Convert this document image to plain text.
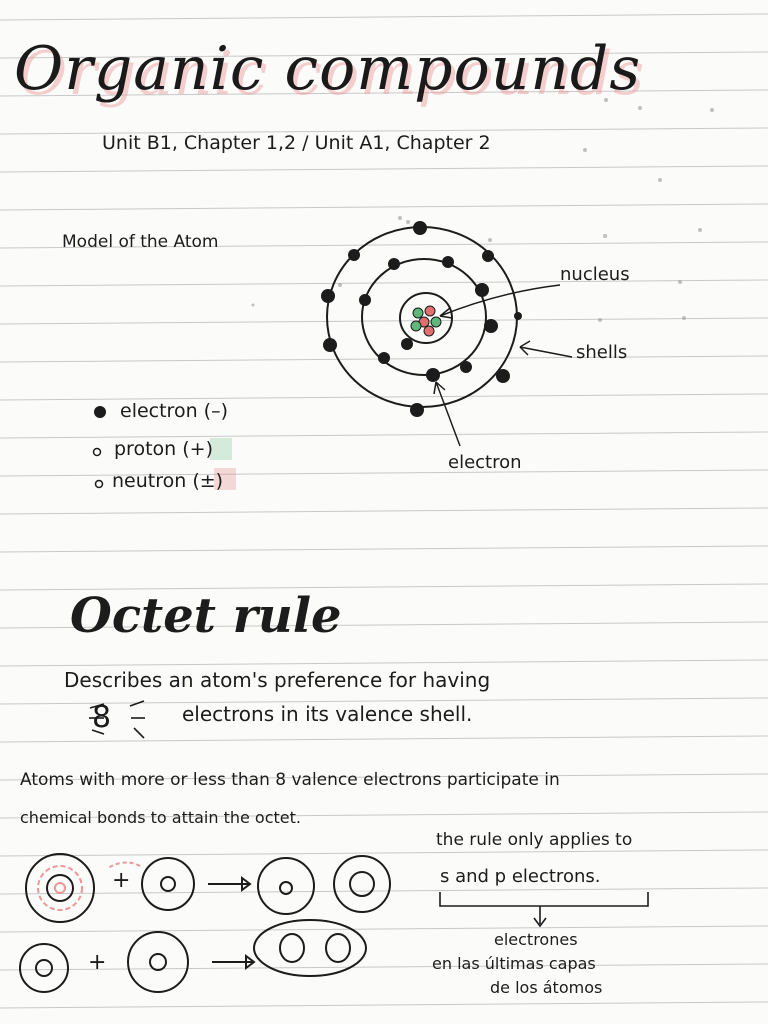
Organic compounds
Unit B1, Chapter 1,2 / Unit A1, Chapter 2
Model of the Atom
nucleus
shells
electron
electron (–)
proton (+)
neutron (±)
Octet rule
Describes an atom's preference for having
8	electrons in its valence shell.
Atoms with more or less than 8 valence electrons participate in
chemical bonds to attain the octet.
+
+
the rule only applies to
s and p electrons.
electrones
en las últimas capas
de los átomos
